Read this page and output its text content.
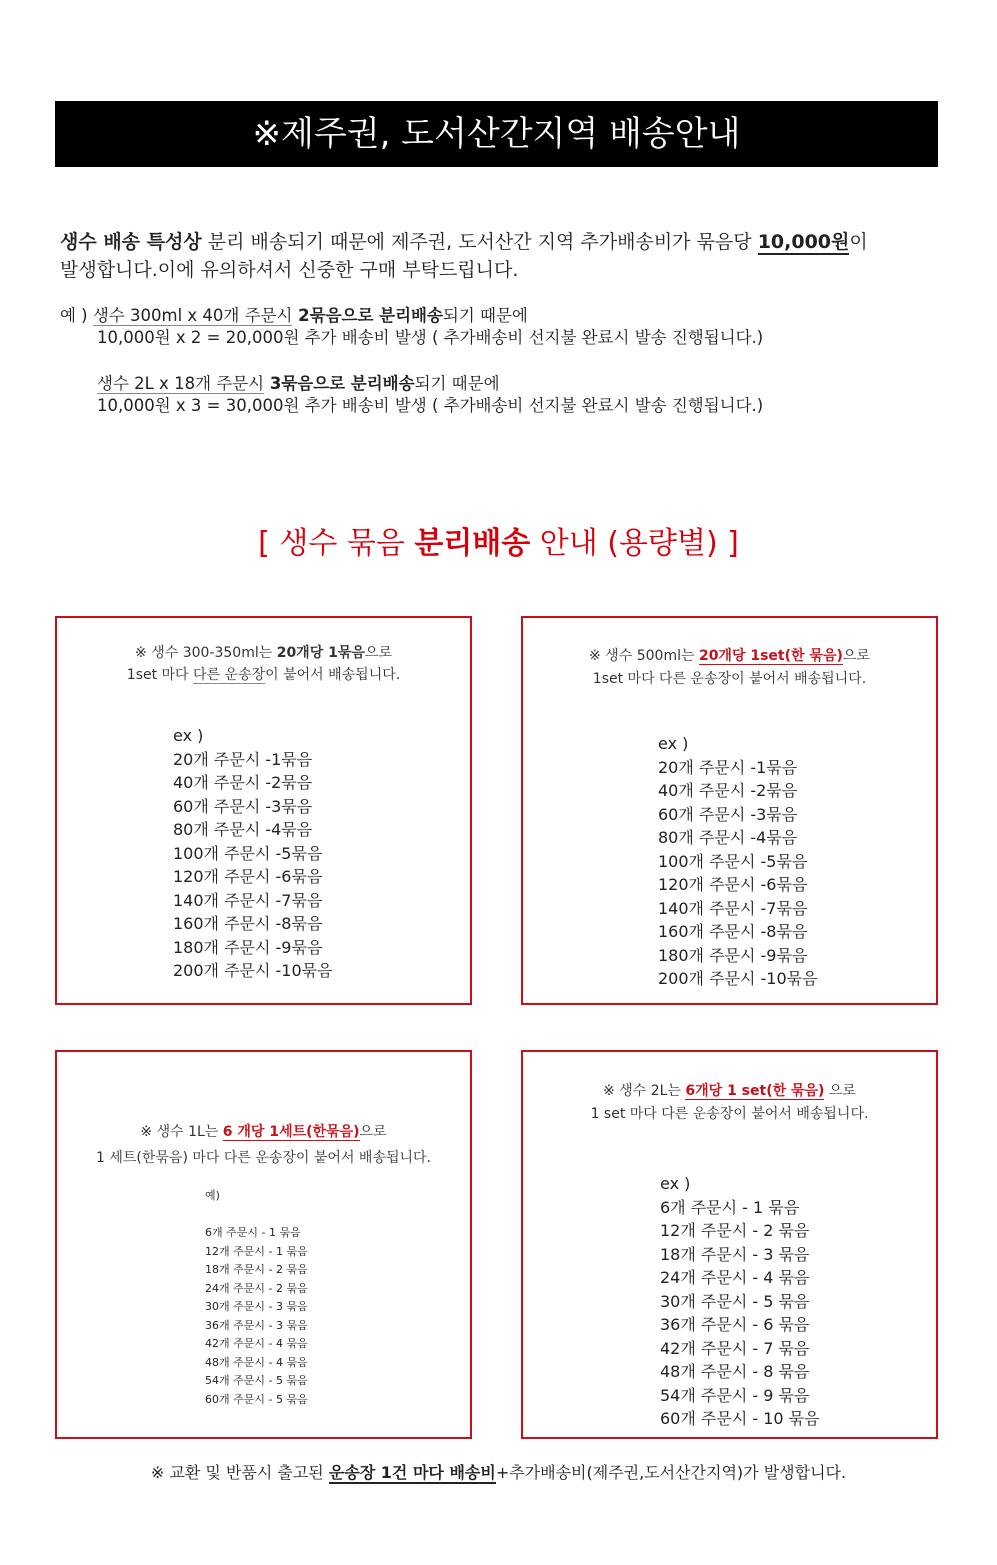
※제주권, 도서산간지역 배송안내
생수 배송 특성상 분리 배송되기 때문에 제주권, 도서산간 지역 추가배송비가 묶음당 10,000원이
발생합니다.이에 유의하셔서 신중한 구매 부탁드립니다.
예 ) 생수 300ml x 40개 주문시 2묶음으로 분리배송되기 때문에
10,000원 x 2 = 20,000원 추가 배송비 발생 ( 추가배송비 선지불 완료시 발송 진행됩니다.)
생수 2L x 18개 주문시 3묶음으로 분리배송되기 때문에
10,000원 x 3 = 30,000원 추가 배송비 발생 ( 추가배송비 선지불 완료시 발송 진행됩니다.)
[ 생수 묶음 분리배송 안내 (용량별) ]
※ 생수 300-350ml는 20개당 1묶음으로
1set 마다 다른 운송장이 붙어서 배송됩니다.
ex )
20개 주문시 -1묶음
40개 주문시 -2묶음
60개 주문시 -3묶음
80개 주문시 -4묶음
100개 주문시 -5묶음
120개 주문시 -6묶음
140개 주문시 -7묶음
160개 주문시 -8묶음
180개 주문시 -9묶음
200개 주문시 -10묶음
※ 생수 500ml는 20개당 1set(한 묶음)으로
1set 마다 다른 운송장이 붙어서 배송됩니다.
ex )
20개 주문시 -1묶음
40개 주문시 -2묶음
60개 주문시 -3묶음
80개 주문시 -4묶음
100개 주문시 -5묶음
120개 주문시 -6묶음
140개 주문시 -7묶음
160개 주문시 -8묶음
180개 주문시 -9묶음
200개 주문시 -10묶음
※ 생수 1L는 6 개당 1세트(한묶음)으로
1 세트(한묶음) 마다 다른 운송장이 붙어서 배송됩니다.
예)
6개 주문시 - 1 묶음
12개 주문시 - 1 묶음
18개 주문시 - 2 묶음
24개 주문시 - 2 묶음
30개 주문시 - 3 묶음
36개 주문시 - 3 묶음
42개 주문시 - 4 묶음
48개 주문시 - 4 묶음
54개 주문시 - 5 묶음
60개 주문시 - 5 묶음
※ 생수 2L는 6개당 1 set(한 묶음) 으로
1 set 마다 다른 운송장이 붙어서 배송됩니다.
ex )
6개 주문시 - 1 묶음
12개 주문시 - 2 묶음
18개 주문시 - 3 묶음
24개 주문시 - 4 묶음
30개 주문시 - 5 묶음
36개 주문시 - 6 묶음
42개 주문시 - 7 묶음
48개 주문시 - 8 묶음
54개 주문시 - 9 묶음
60개 주문시 - 10 묶음
※ 교환 및 반품시 출고된 운송장 1건 마다 배송비+추가배송비(제주권,도서산간지역)가 발생합니다.
